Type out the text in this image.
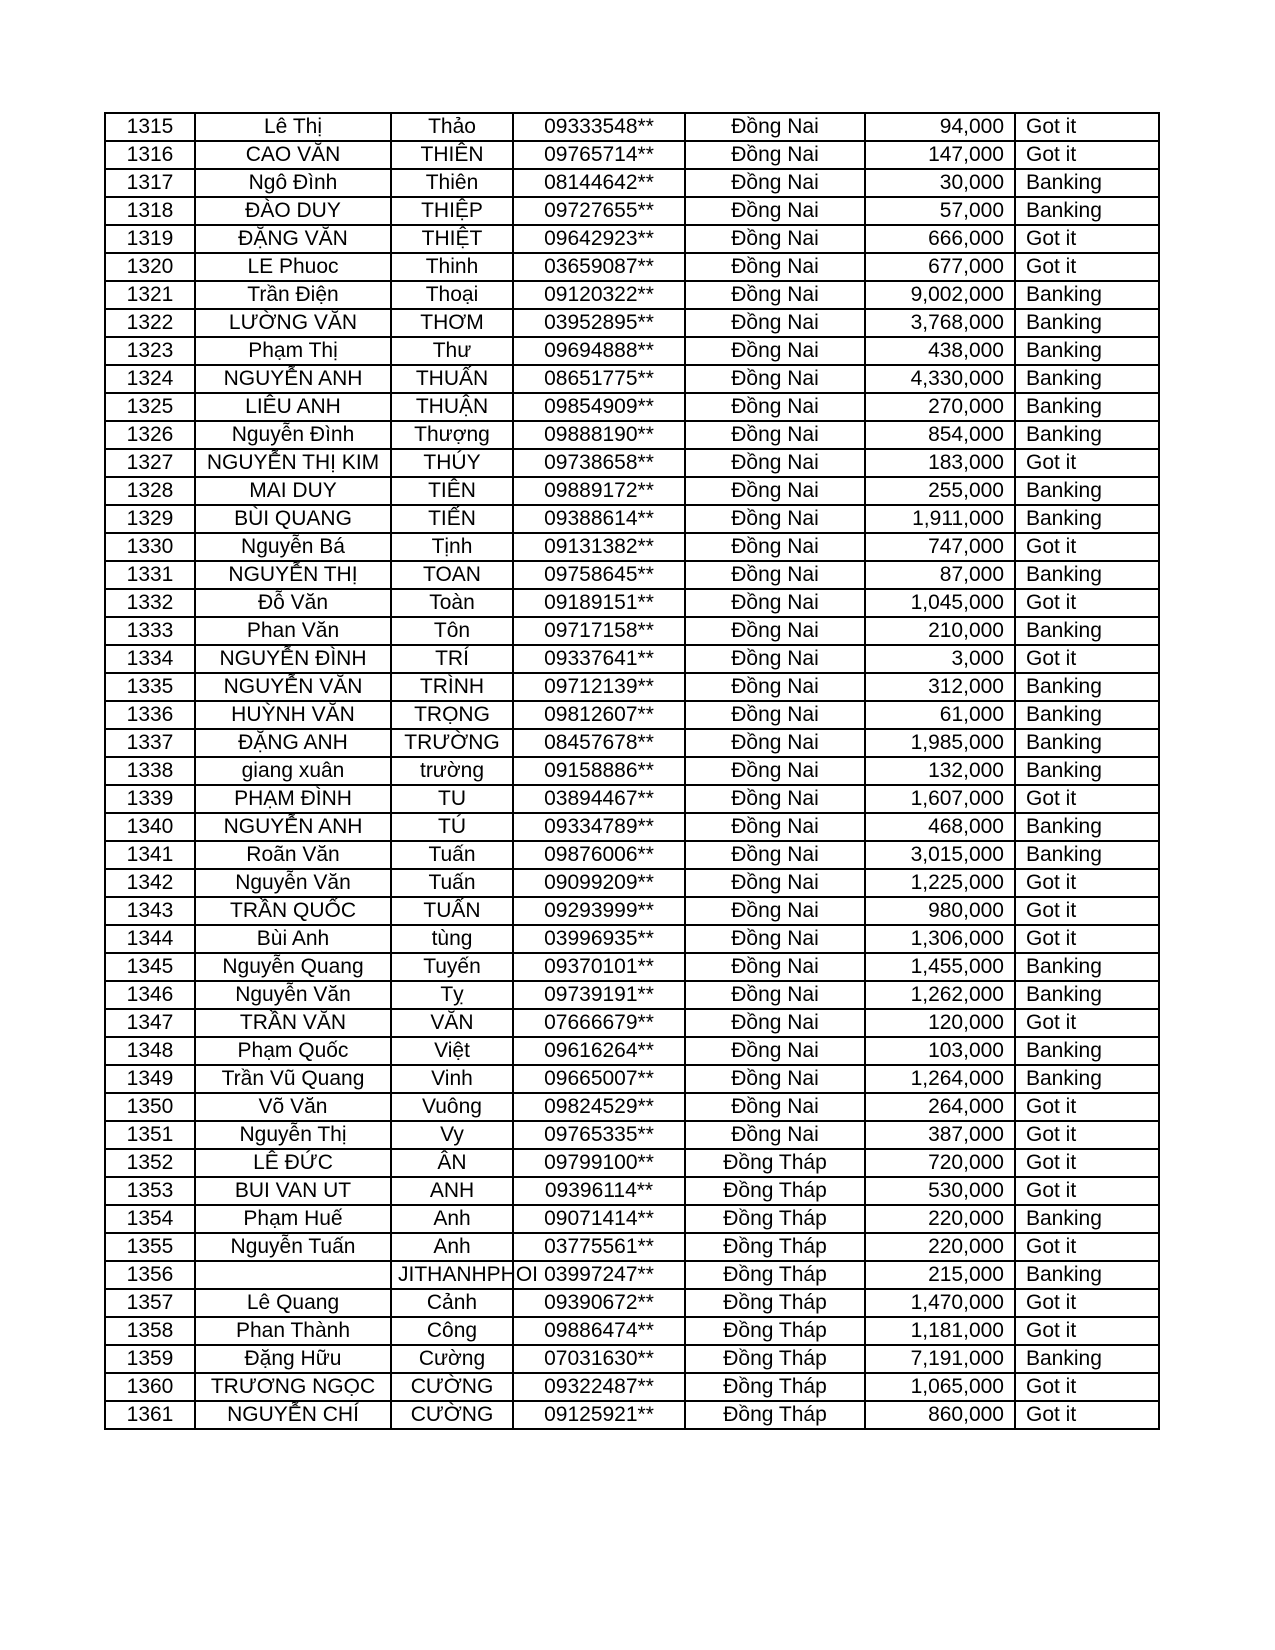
1315	Lê Thị	Thảo	09333548**	Đồng Nai	94,000	Got it
1316	CAO VĂN	THIÊN	09765714**	Đồng Nai	147,000	Got it
1317	Ngô Đình	Thiên	08144642**	Đồng Nai	30,000	Banking
1318	ĐÀO DUY	THIỆP	09727655**	Đồng Nai	57,000	Banking
1319	ĐẶNG VĂN	THIỆT	09642923**	Đồng Nai	666,000	Got it
1320	LE Phuoc	Thinh	03659087**	Đồng Nai	677,000	Got it
1321	Trần Điện	Thoại	09120322**	Đồng Nai	9,002,000	Banking
1322	LƯỜNG VĂN	THƠM	03952895**	Đồng Nai	3,768,000	Banking
1323	Phạm Thị	Thư	09694888**	Đồng Nai	438,000	Banking
1324	NGUYỄN ANH	THUẤN	08651775**	Đồng Nai	4,330,000	Banking
1325	LIÊU ANH	THUẬN	09854909**	Đồng Nai	270,000	Banking
1326	Nguyễn Đình	Thượng	09888190**	Đồng Nai	854,000	Banking
1327	NGUYỄN THỊ KIM	THÚY	09738658**	Đồng Nai	183,000	Got it
1328	MAI DUY	TIÊN	09889172**	Đồng Nai	255,000	Banking
1329	BÙI QUANG	TIẾN	09388614**	Đồng Nai	1,911,000	Banking
1330	Nguyễn Bá	Tịnh	09131382**	Đồng Nai	747,000	Got it
1331	NGUYỄN THỊ	TOAN	09758645**	Đồng Nai	87,000	Banking
1332	Đỗ Văn	Toàn	09189151**	Đồng Nai	1,045,000	Got it
1333	Phan Văn	Tôn	09717158**	Đồng Nai	210,000	Banking
1334	NGUYỄN ĐÌNH	TRÍ	09337641**	Đồng Nai	3,000	Got it
1335	NGUYỄN VĂN	TRÌNH	09712139**	Đồng Nai	312,000	Banking
1336	HUỲNH VĂN	TRỌNG	09812607**	Đồng Nai	61,000	Banking
1337	ĐẶNG ANH	TRƯỜNG	08457678**	Đồng Nai	1,985,000	Banking
1338	giang xuân	trường	09158886**	Đồng Nai	132,000	Banking
1339	PHẠM ĐÌNH	TU	03894467**	Đồng Nai	1,607,000	Got it
1340	NGUYỄN ANH	TÚ	09334789**	Đồng Nai	468,000	Banking
1341	Roãn Văn	Tuấn	09876006**	Đồng Nai	3,015,000	Banking
1342	Nguyễn Văn	Tuấn	09099209**	Đồng Nai	1,225,000	Got it
1343	TRẦN QUỐC	TUẤN	09293999**	Đồng Nai	980,000	Got it
1344	Bùi Anh	tùng	03996935**	Đồng Nai	1,306,000	Got it
1345	Nguyễn Quang	Tuyến	09370101**	Đồng Nai	1,455,000	Banking
1346	Nguyễn Văn	Tỵ	09739191**	Đồng Nai	1,262,000	Banking
1347	TRẦN VĂN	VĂN	07666679**	Đồng Nai	120,000	Got it
1348	Phạm Quốc	Việt	09616264**	Đồng Nai	103,000	Banking
1349	Trần Vũ Quang	Vinh	09665007**	Đồng Nai	1,264,000	Banking
1350	Võ Văn	Vuông	09824529**	Đồng Nai	264,000	Got it
1351	Nguyễn Thị	Vy	09765335**	Đồng Nai	387,000	Got it
1352	LÊ ĐỨC	ÂN	09799100**	Đồng Tháp	720,000	Got it
1353	BUI VAN UT	ANH	09396114**	Đồng Tháp	530,000	Got it
1354	Phạm Huế	Anh	09071414**	Đồng Tháp	220,000	Banking
1355	Nguyễn Tuấn	Anh	03775561**	Đồng Tháp	220,000	Got it
1356		JITHANHPHOI	03997247**	Đồng Tháp	215,000	Banking
1357	Lê Quang	Cảnh	09390672**	Đồng Tháp	1,470,000	Got it
1358	Phan Thành	Công	09886474**	Đồng Tháp	1,181,000	Got it
1359	Đặng Hữu	Cường	07031630**	Đồng Tháp	7,191,000	Banking
1360	TRƯƠNG NGỌC	CƯỜNG	09322487**	Đồng Tháp	1,065,000	Got it
1361	NGUYỄN CHÍ	CƯỜNG	09125921**	Đồng Tháp	860,000	Got it
